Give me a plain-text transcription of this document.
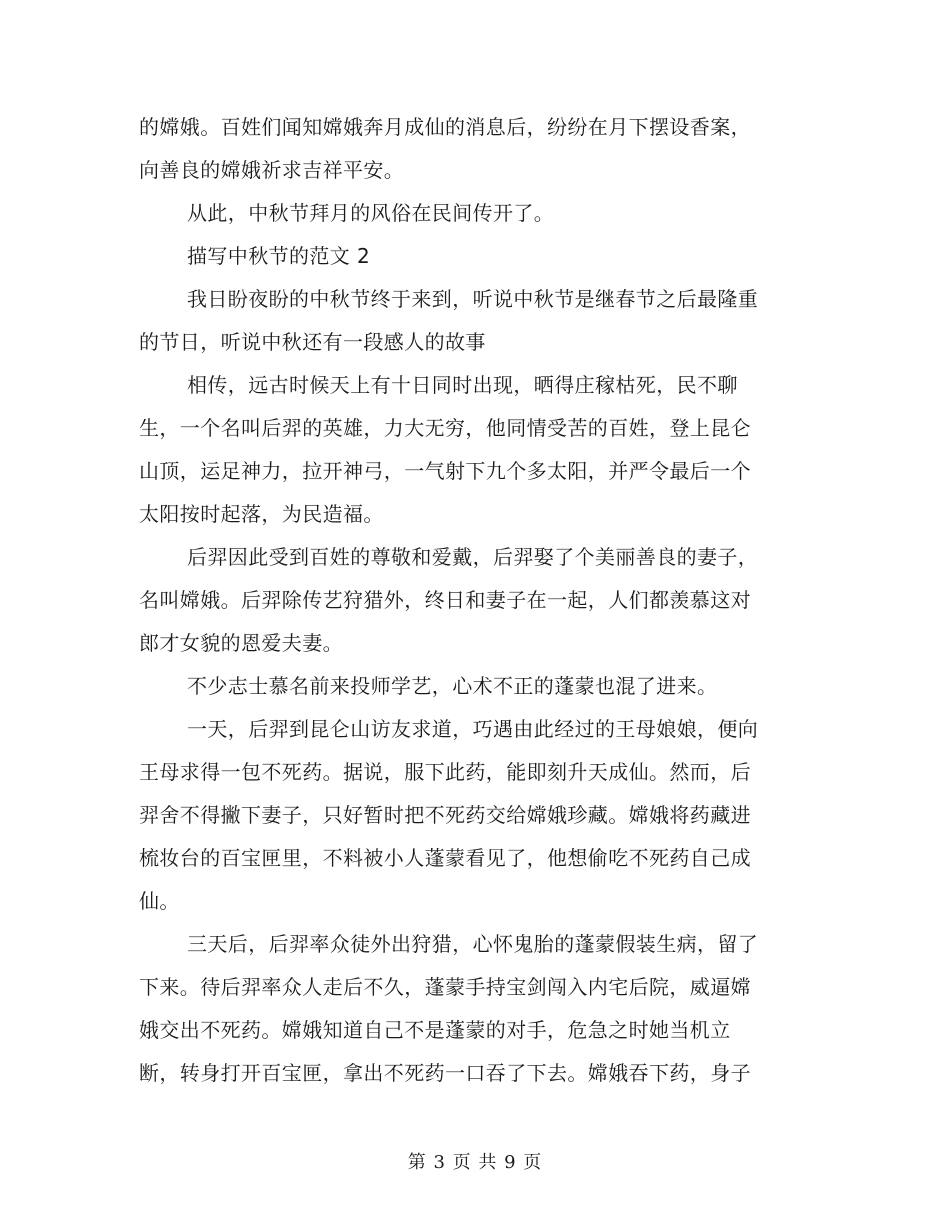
的嫦娥。百姓们闻知嫦娥奔月成仙的消息后，纷纷在月下摆设香案，
向善良的嫦娥祈求吉祥平安。
从此，中秋节拜月的风俗在民间传开了。
描写中秋节的范文 2
我日盼夜盼的中秋节终于来到，听说中秋节是继春节之后最隆重
的节日，听说中秋还有一段感人的故事
相传，远古时候天上有十日同时出现，晒得庄稼枯死，民不聊
生，一个名叫后羿的英雄，力大无穷，他同情受苦的百姓，登上昆仑
山顶，运足神力，拉开神弓，一气射下九个多太阳，并严令最后一个
太阳按时起落，为民造福。
后羿因此受到百姓的尊敬和爱戴，后羿娶了个美丽善良的妻子，
名叫嫦娥。后羿除传艺狩猎外，终日和妻子在一起，人们都羡慕这对
郎才女貌的恩爱夫妻。
不少志士慕名前来投师学艺，心术不正的蓬蒙也混了进来。
一天，后羿到昆仑山访友求道，巧遇由此经过的王母娘娘，便向
王母求得一包不死药。据说，服下此药，能即刻升天成仙。然而，后
羿舍不得撇下妻子，只好暂时把不死药交给嫦娥珍藏。嫦娥将药藏进
梳妆台的百宝匣里，不料被小人蓬蒙看见了，他想偷吃不死药自己成
仙。
三天后，后羿率众徒外出狩猎，心怀鬼胎的蓬蒙假装生病，留了
下来。待后羿率众人走后不久，蓬蒙手持宝剑闯入内宅后院，威逼嫦
娥交出不死药。嫦娥知道自己不是蓬蒙的对手，危急之时她当机立
断，转身打开百宝匣，拿出不死药一口吞了下去。嫦娥吞下药，身子
第 3 页 共 9 页
